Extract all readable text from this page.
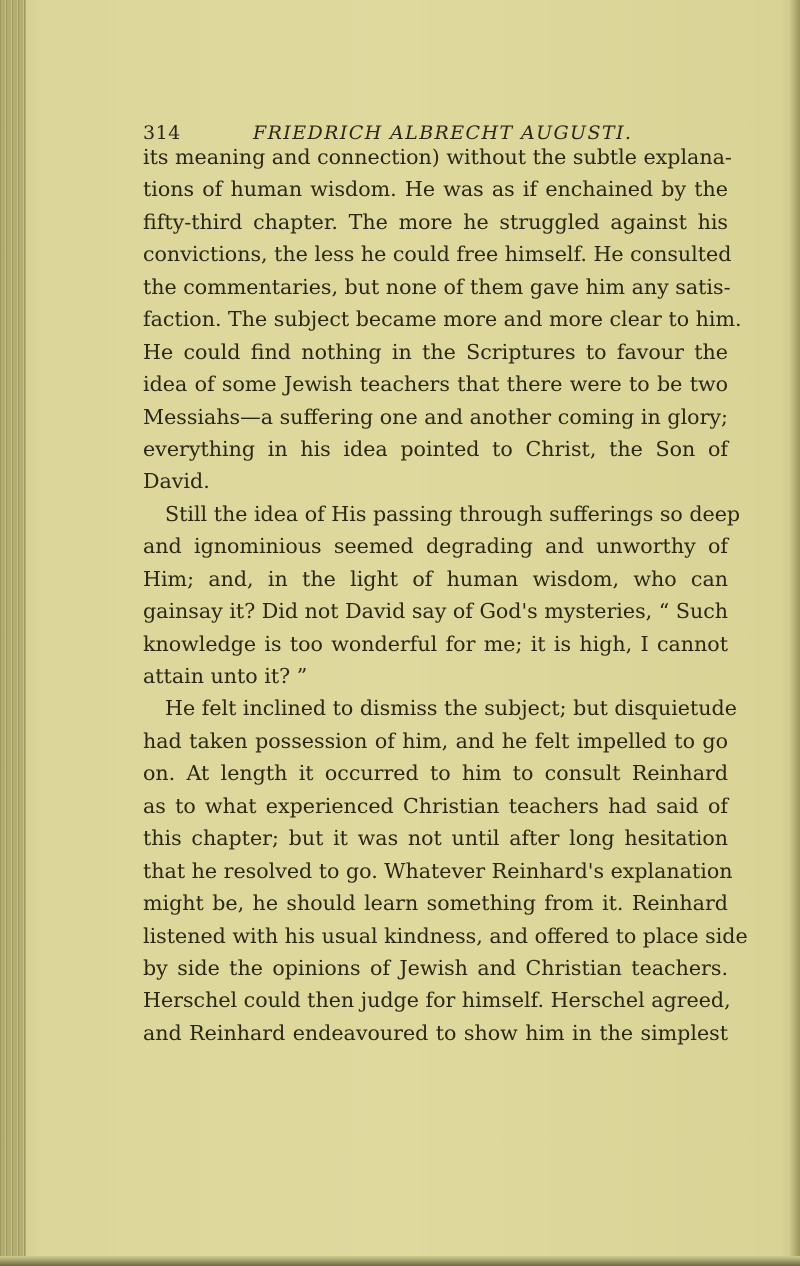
314	FRIEDRICH ALBRECHT AUGUSTI.
its meaning and connection) without the subtle explana-
tions of human wisdom. He was as if enchained by the
fifty-third chapter. The more he struggled against his
convictions, the less he could free himself. He consulted
the commentaries, but none of them gave him any satis-
faction. The subject became more and more clear to him.
He could find nothing in the Scriptures to favour the
idea of some Jewish teachers that there were to be two
Messiahs—a suffering one and another coming in glory;
everything in his idea pointed to Christ, the Son of
David.
Still the idea of His passing through sufferings so deep
and ignominious seemed degrading and unworthy of
Him; and, in the light of human wisdom, who can
gainsay it? Did not David say of God's mysteries, “ Such
knowledge is too wonderful for me; it is high, I cannot
attain unto it? ”
He felt inclined to dismiss the subject; but disquietude
had taken possession of him, and he felt impelled to go
on. At length it occurred to him to consult Reinhard
as to what experienced Christian teachers had said of
this chapter; but it was not until after long hesitation
that he resolved to go. Whatever Reinhard's explanation
might be, he should learn something from it. Reinhard
listened with his usual kindness, and offered to place side
by side the opinions of Jewish and Christian teachers.
Herschel could then judge for himself. Herschel agreed,
and Reinhard endeavoured to show him in the simplest
